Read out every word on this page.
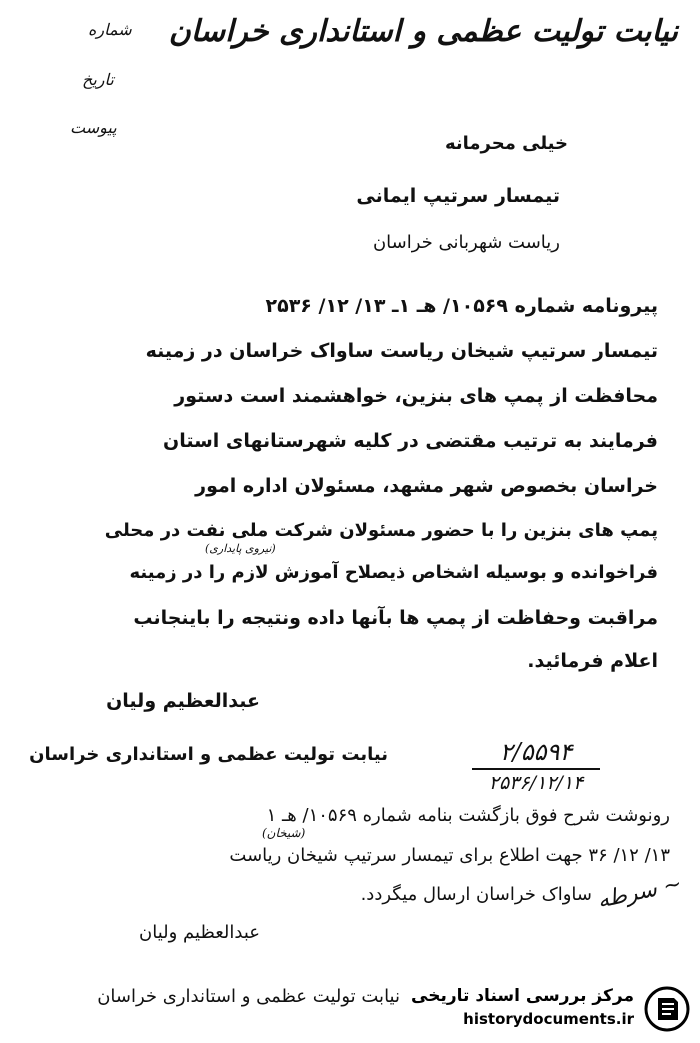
نیابت تولیت عظمی و استانداری خراسان
شماره
تاریخ
پیوست
خیلی محرمانه
تیمسار سرتیپ ایمانی
ریاست شهربانی خراسان
پیرونامه شماره ۱۰۵۶۹/ هـ ۱ـ ۱۳/ ۱۲/ ۲۵۳۶
تیمسار سرتیپ شیخان ریاست ساواک خراسان در زمینه
محافظت از پمپ های بنزین، خواهشمند است دستور
فرمایند به ترتیب مقتضی در کلیه شهرستانهای استان
خراسان بخصوص شهر مشهد، مسئولان اداره امور
پمپ های بنزین را با حضور مسئولان شرکت ملی نفت در محلی
(نیروی پایداری)
فراخوانده و بوسیله اشخاص ذیصلاح آموزش لازم را در زمینه
مراقبت وحفاظت از پمپ ها بآنها داده ونتیجه را باینجانب
اعلام فرمائید.
عبدالعظیم ولیان
نیابت تولیت عظمی و استانداری خراسان	۲/۵۵۹۴
۲۵۳۶/۱۲/۱۴
رونوشت شرح فوق بازگشت بنامه شماره ۱۰۵۶۹/ هـ ۱
(شیخان)
۱۳/ ۱۲/ ۳۶ جهت اطلاع برای تیمسار سرتیپ شیخان ریاست
ساواک خراسان ارسال میگردد.
عبدالعظیم ولیان
نیابت تولیت عظمی و استانداری خراسان
~ سرطه
مرکز بررسی اسناد تاریخی
historydocuments.ir
